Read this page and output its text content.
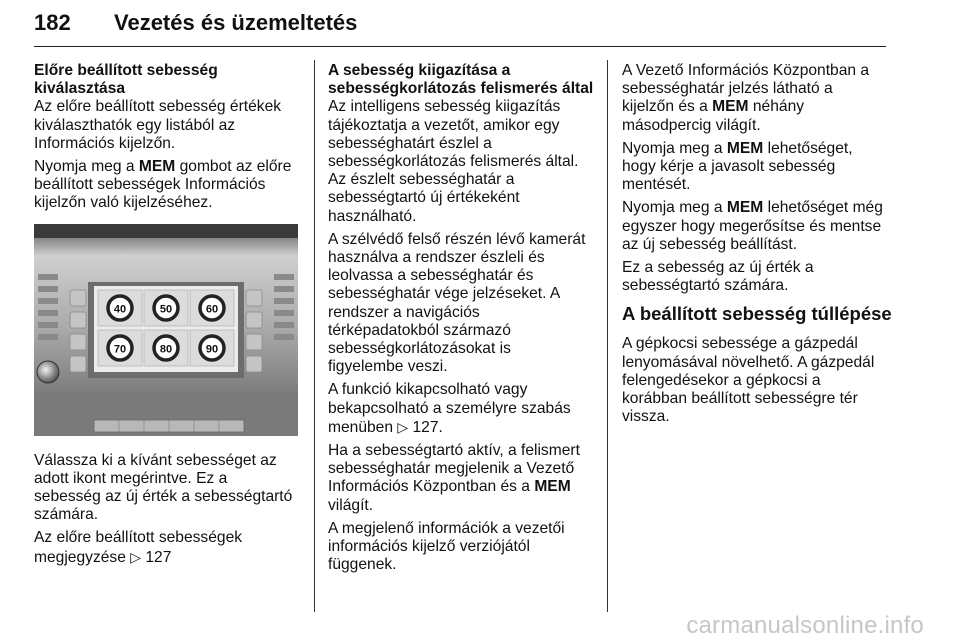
182 Vezetés és üzemeltetés
Előre beállított sebesség
kiválasztása

Az előre beállított sebesség értékek
kiválaszthatók egy listából az
Információs kijelzőn.

Nyomja meg a MEM gombot az előre
beállított sebességek Információs
kijelzőn való kijelzéséhez.

40	50	60
70	80	90

Válassza ki a kívánt sebességet az
adott ikont megérintve. Ez a
sebesség az új érték a sebességtartó
számára.

Az előre beállított sebességek
megjegyzése ▷ 127

A sebesség kiigazítása a
sebességkorlátozás felismerés által

Az intelligens sebesség kiigazítás
tájékoztatja a vezetőt, amikor egy
sebességhatárt észlel a
sebességkorlátozás felismerés által.
Az észlelt sebességhatár a
sebességtartó új értékeként
használható.

A szélvédő felső részén lévő kamerát
használva a rendszer észleli és
leolvassa a sebességhatár és
sebességhatár vége jelzéseket. A
rendszer a navigációs
térképadatokból származó
sebességkorlátozásokat is
figyelembe veszi.

A funkció kikapcsolható vagy
bekapcsolható a személyre szabás
menüben ▷ 127.

Ha a sebességtartó aktív, a felismert
sebességhatár megjelenik a Vezető
Információs Központban és a MEM
világít.

A megjelenő információk a vezetői
információs kijelző verziójától
függenek.

A Vezető Információs Központban a
sebességhatár jelzés látható a
kijelzőn és a MEM néhány
másodpercig világít.

Nyomja meg a MEM lehetőséget,
hogy kérje a javasolt sebesség
mentését.

Nyomja meg a MEM lehetőséget még
egyszer hogy megerősítse és mentse
az új sebesség beállítást.

Ez a sebesség az új érték a
sebességtartó számára.

A beállított sebesség túllépése

A gépkocsi sebessége a gázpedál
lenyomásával növelhető. A gázpedál
felengedésekor a gépkocsi a
korábban beállított sebességre tér
vissza.

carmanualsonline.info
